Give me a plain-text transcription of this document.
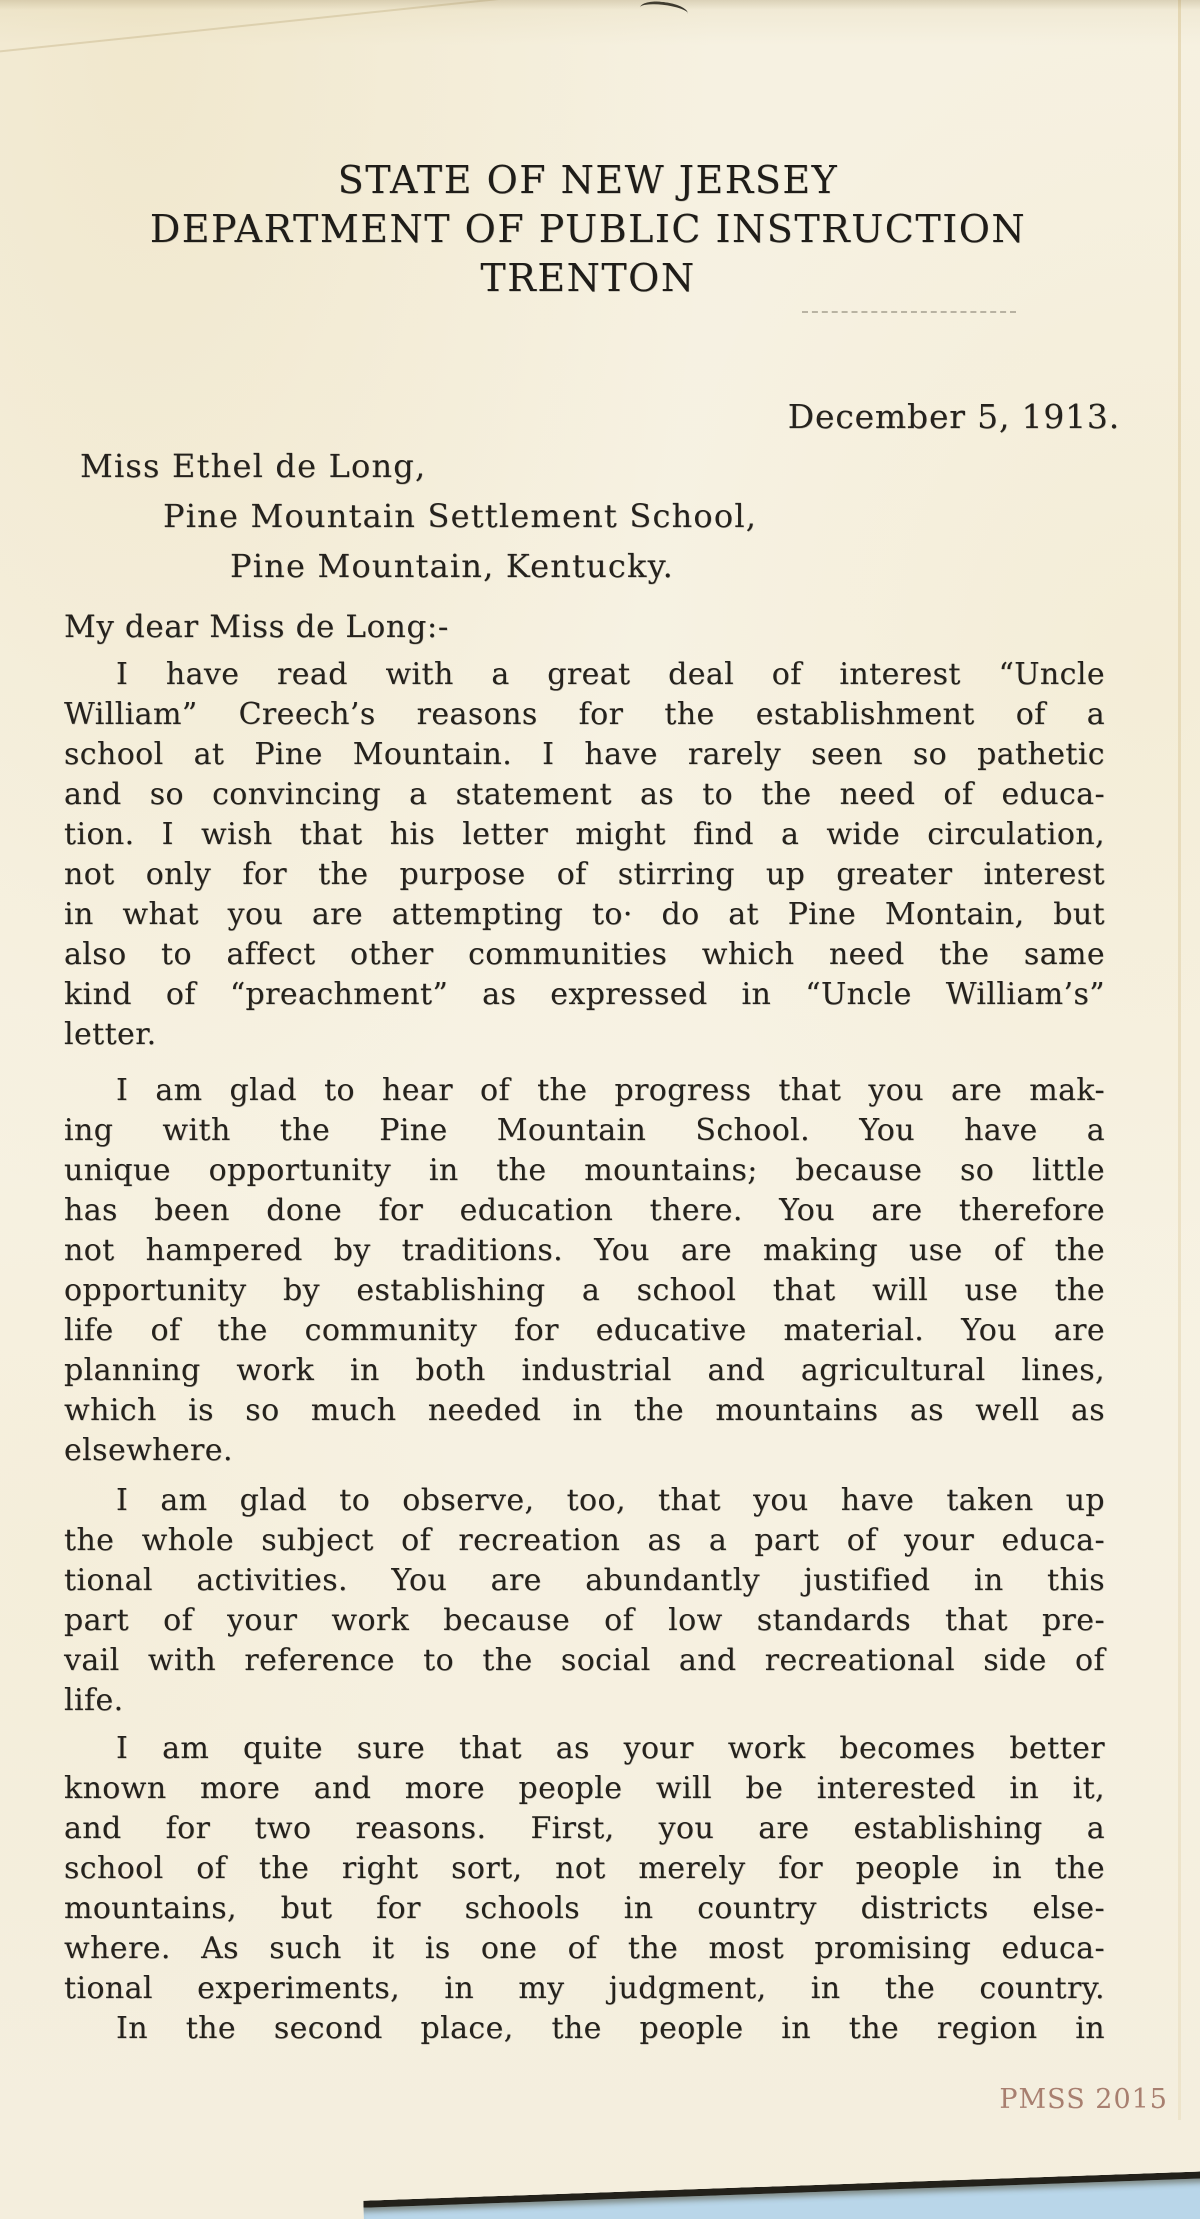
STATE OF NEW JERSEY
DEPARTMENT OF PUBLIC INSTRUCTION
TRENTON
December 5, 1913.
Miss Ethel de Long,
Pine Mountain Settlement School,
Pine Mountain, Kentucky.
My dear Miss de Long:-
I have read with a great deal of interest “Uncle
William” Creech’s reasons for the establishment of a
school at Pine Mountain. I have rarely seen so pathetic
and so convincing a statement as to the need of educa-
tion. I wish that his letter might find a wide circulation,
not only for the purpose of stirring up greater interest
in what you are attempting to· do at Pine Montain, but
also to affect other communities which need the same
kind of “preachment” as expressed in “Uncle William’s”
letter.
I am glad to hear of the progress that you are mak-
ing with the Pine Mountain School. You have a
unique opportunity in the mountains; because so little
has been done for education there. You are therefore
not hampered by traditions. You are making use of the
opportunity by establishing a school that will use the
life of the community for educative material. You are
planning work in both industrial and agricultural lines,
which is so much needed in the mountains as well as
elsewhere.
I am glad to observe, too, that you have taken up
the whole subject of recreation as a part of your educa-
tional activities. You are abundantly justified in this
part of your work because of low standards that pre-
vail with reference to the social and recreational side of
life.
I am quite sure that as your work becomes better
known more and more people will be interested in it,
and for two reasons. First, you are establishing a
school of the right sort, not merely for people in the
mountains, but for schools in country districts else-
where. As such it is one of the most promising educa-
tional experiments, in my judgment, in the country.
In the second place, the people in the region in
PMSS 2015
